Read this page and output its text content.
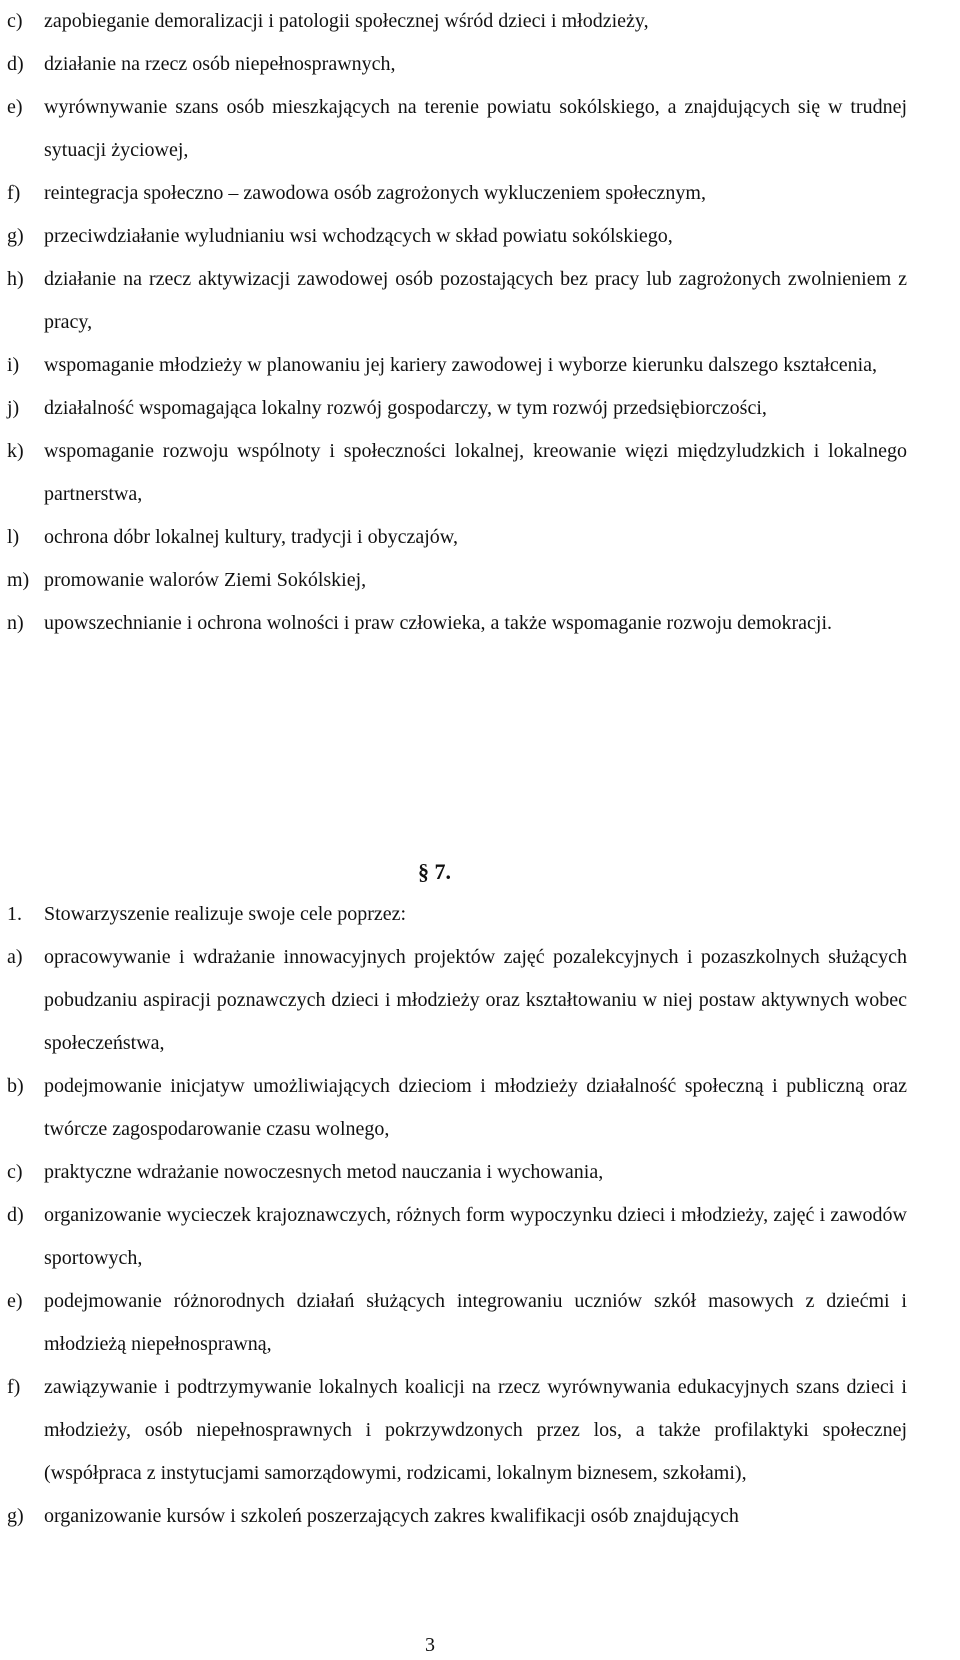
c)	zapobieganie demoralizacji i patologii społecznej wśród dzieci i młodzieży,
d)	działanie na rzecz osób niepełnosprawnych,
e)	wyrównywanie szans osób mieszkających na terenie powiatu sokólskiego, a znajdujących się w trudnej sytuacji życiowej,
f)	reintegracja społeczno – zawodowa osób zagrożonych wykluczeniem społecznym,
g)	przeciwdziałanie wyludnianiu wsi wchodzących w skład powiatu sokólskiego,
h)	działanie na rzecz aktywizacji zawodowej osób pozostających bez pracy lub zagrożonych zwolnieniem z pracy,
i)	wspomaganie młodzieży w planowaniu jej kariery zawodowej i wyborze kierunku dalszego kształcenia,
j)	działalność wspomagająca lokalny rozwój gospodarczy, w tym rozwój przedsiębiorczości,
k)	wspomaganie rozwoju wspólnoty i społeczności lokalnej, kreowanie więzi międzyludzkich i lokalnego partnerstwa,
l)	ochrona dóbr lokalnej kultury, tradycji i obyczajów,
m) promowanie walorów Ziemi Sokólskiej,
n)	upowszechnianie i ochrona wolności i praw człowieka, a także wspomaganie rozwoju demokracji.
§ 7.
1.	Stowarzyszenie realizuje swoje cele poprzez:
a)	opracowywanie i wdrażanie innowacyjnych projektów zajęć pozalekcyjnych i pozaszkolnych służących pobudzaniu aspiracji poznawczych dzieci i młodzieży oraz kształtowaniu w niej postaw aktywnych wobec społeczeństwa,
b)	podejmowanie inicjatyw umożliwiających dzieciom i młodzieży działalność społeczną i publiczną oraz twórcze zagospodarowanie czasu wolnego,
c)	praktyczne wdrażanie nowoczesnych metod nauczania i wychowania,
d)	organizowanie wycieczek krajoznawczych, różnych form wypoczynku dzieci i młodzieży, zajęć i zawodów sportowych,
e)	podejmowanie różnorodnych działań służących integrowaniu uczniów szkół masowych z dziećmi i młodzieżą niepełnosprawną,
f)	zawiązywanie i podtrzymywanie lokalnych koalicji na rzecz wyrównywania edukacyjnych szans dzieci i młodzieży, osób niepełnosprawnych i pokrzywdzonych przez los, a także profilaktyki społecznej (współpraca z instytucjami samorządowymi, rodzicami, lokalnym biznesem, szkołami),
g)	organizowanie kursów i szkoleń poszerzających zakres kwalifikacji osób znajdujących
3
